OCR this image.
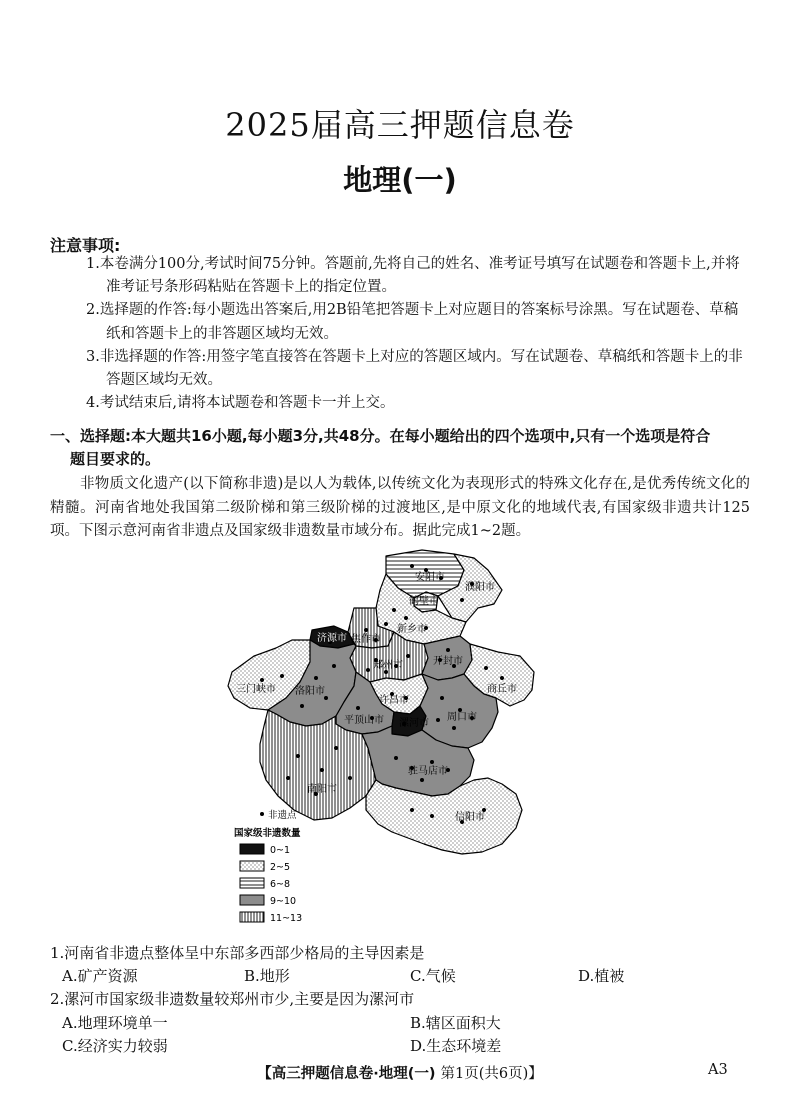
2025届高三押题信息卷
地理(一)
注意事项:

1.本卷满分100分,考试时间75分钟。答题前,先将自己的姓名、准考证号填写在试题卷和答题卡上,并将准考证号条形码粘贴在答题卡上的指定位置。

2.选择题的作答:每小题选出答案后,用2B铅笔把答题卡上对应题目的答案标号涂黑。写在试题卷、草稿纸和答题卡上的非答题区域均无效。

3.非选择题的作答:用签字笔直接答在答题卡上对应的答题区域内。写在试题卷、草稿纸和答题卡上的非答题区域均无效。

4.考试结束后,请将本试题卷和答题卡一并上交。

一、选择题:本大题共16小题,每小题3分,共48分。在每小题给出的四个选项中,只有一个选项是符合
题目要求的。
非物质文化遗产(以下简称非遗)是以人为载体,以传统文化为表现形式的特殊文化存在,是优秀传统文化的精髓。河南省地处我国第二级阶梯和第三级阶梯的过渡地区,是中原文化的地域代表,有国家级非遗共计125项。下图示意河南省非遗点及国家级非遗数量市域分布。据此完成1~2题。
安阳市
濮阳市
鹤壁市
新乡市
焦作市
济源市
郑州市	开封市
商丘市
三门峡市 洛阳市
许昌市
平顶山市 漯河市
周口市
南阳市
驻马店市
信阳市
非遗点
国家级非遗数量
0~1
2~5
6~8
9~10
11~13
1.河南省非遗点整体呈中东部多西部少格局的主导因素是
A.矿产资源	B.地形	C.气候	D.植被
2.漯河市国家级非遗数量较郑州市少,主要是因为漯河市
A.地理环境单一	B.辖区面积大
C.经济实力较弱	D.生态环境差
【高三押题信息卷·地理(一) 第1页(共6页)】	A3
